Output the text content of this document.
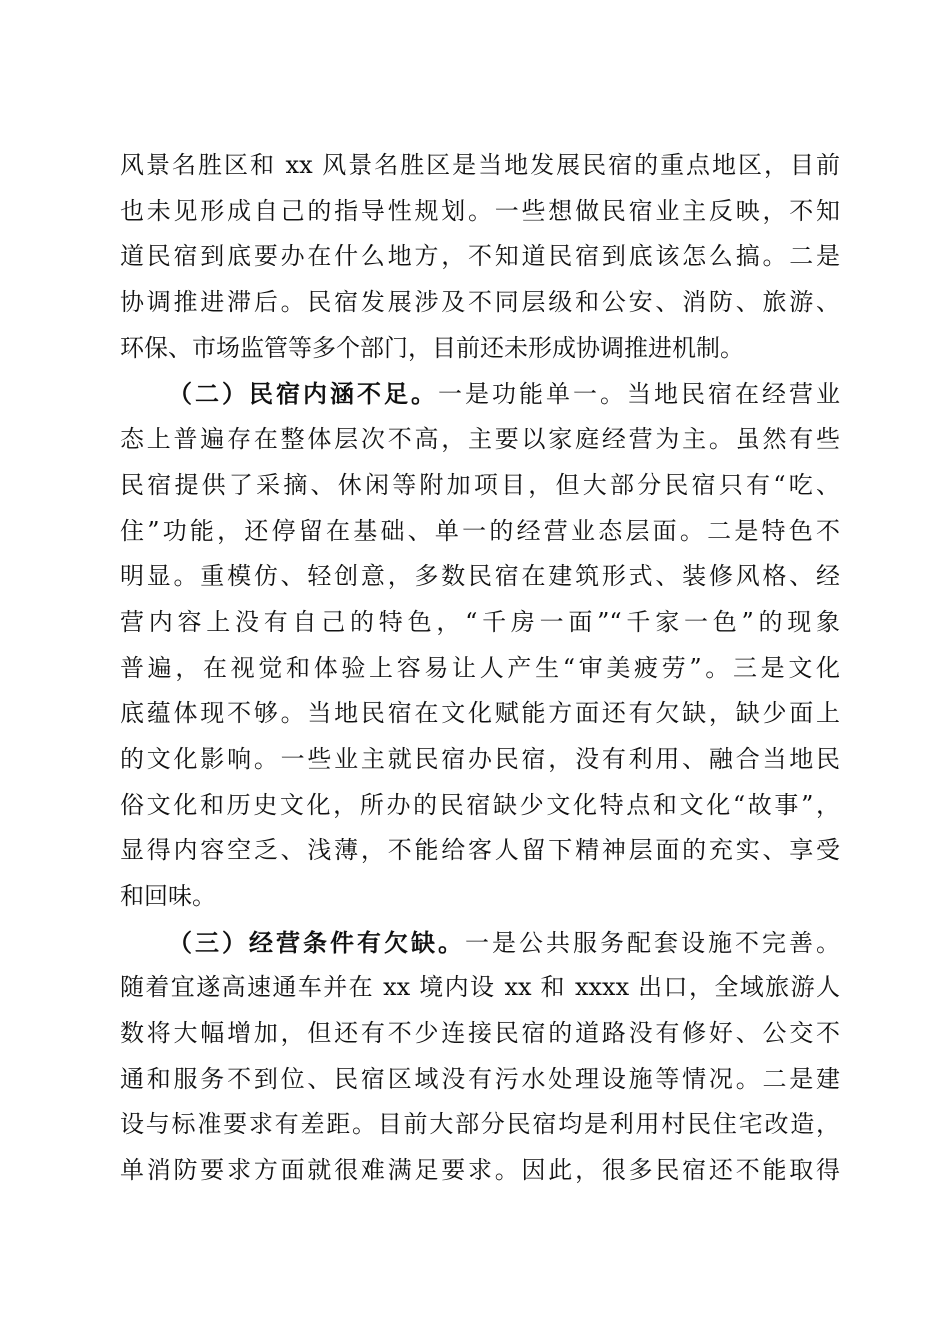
风景名胜区和 xx 风景名胜区是当地发展民宿的重点地区，目前
也未见形成自己的指导性规划。一些想做民宿业主反映，不知
道民宿到底要办在什么地方，不知道民宿到底该怎么搞。二是
协调推进滞后。民宿发展涉及不同层级和公安、消防、旅游、
环保、市场监管等多个部门，目前还未形成协调推进机制。
（二）民宿内涵不足。一是功能单一。当地民宿在经营业
态上普遍存在整体层次不高，主要以家庭经营为主。虽然有些
民宿提供了采摘、休闲等附加项目，但大部分民宿只有“吃、
住”功能，还停留在基础、单一的经营业态层面。二是特色不
明显。重模仿、轻创意，多数民宿在建筑形式、装修风格、经
营内容上没有自己的特色，“千房一面”“千家一色”的现象
普遍，在视觉和体验上容易让人产生“审美疲劳”。三是文化
底蕴体现不够。当地民宿在文化赋能方面还有欠缺，缺少面上
的文化影响。一些业主就民宿办民宿，没有利用、融合当地民
俗文化和历史文化，所办的民宿缺少文化特点和文化“故事”，
显得内容空乏、浅薄，不能给客人留下精神层面的充实、享受
和回味。
（三）经营条件有欠缺。一是公共服务配套设施不完善。
随着宜遂高速通车并在 xx 境内设 xx 和 xxxx 出口，全域旅游人
数将大幅增加，但还有不少连接民宿的道路没有修好、公交不
通和服务不到位、民宿区域没有污水处理设施等情况。二是建
设与标准要求有差距。目前大部分民宿均是利用村民住宅改造，
单消防要求方面就很难满足要求。因此，很多民宿还不能取得
